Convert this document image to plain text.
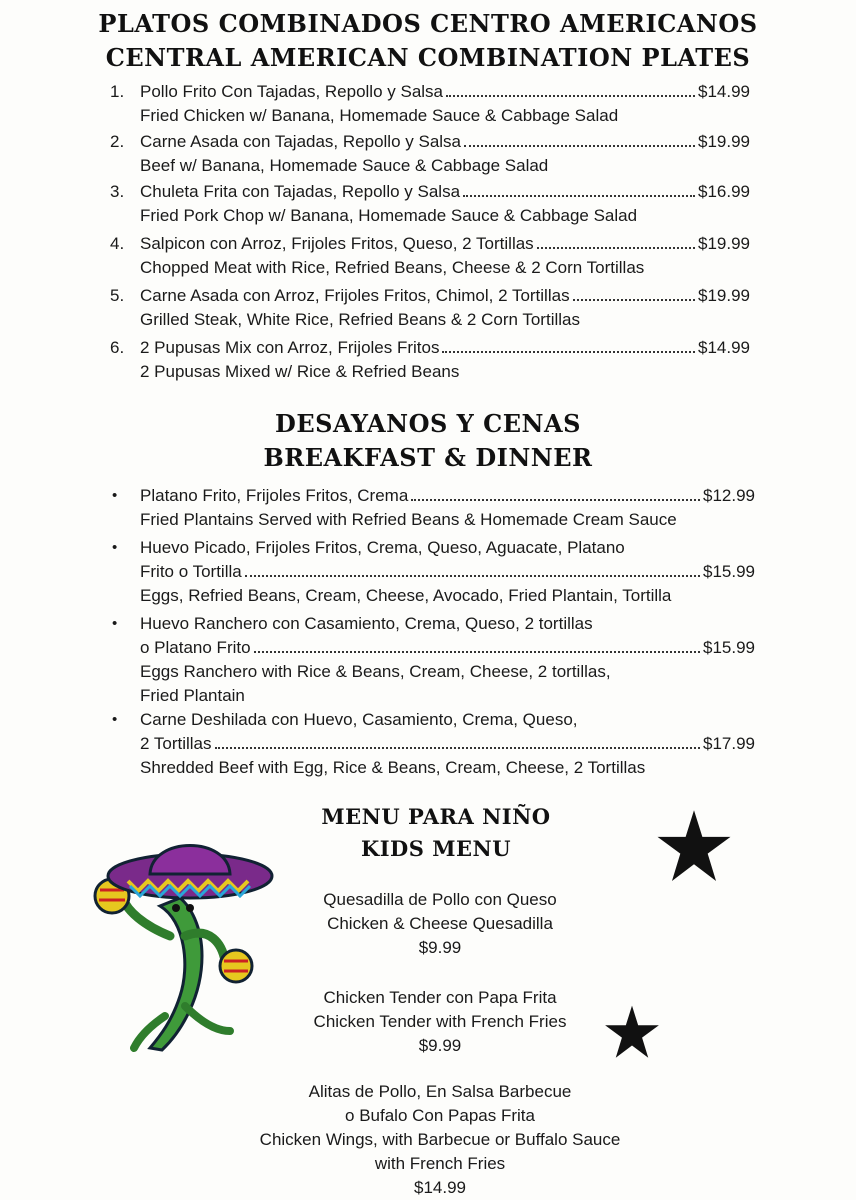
PLATOS COMBINADOS CENTRO AMERICANOS
CENTRAL AMERICAN COMBINATION PLATES
1. Pollo Frito Con Tajadas, Repollo y Salsa	$14.99
Fried Chicken w/ Banana, Homemade Sauce & Cabbage Salad
2. Carne Asada con Tajadas, Repollo y Salsa	$19.99
Beef w/ Banana, Homemade Sauce & Cabbage Salad
3. Chuleta Frita con Tajadas, Repollo y Salsa	$16.99
Fried Pork Chop w/ Banana, Homemade Sauce & Cabbage Salad
4. Salpicon con Arroz, Frijoles Fritos, Queso, 2 Tortillas	$19.99
Chopped Meat with Rice, Refried Beans, Cheese & 2 Corn Tortillas
5. Carne Asada con Arroz, Frijoles Fritos, Chimol, 2 Tortillas	$19.99
Grilled Steak, White Rice, Refried Beans & 2 Corn Tortillas
6. 2 Pupusas Mix con Arroz, Frijoles Fritos	$14.99
2 Pupusas Mixed w/ Rice & Refried Beans
DESAYANOS Y CENAS
BREAKFAST & DINNER
• Platano Frito, Frijoles Fritos, Crema	$12.99
Fried Plantains Served with Refried Beans & Homemade Cream Sauce
• Huevo Picado, Frijoles Fritos, Crema, Queso, Aguacate, Platano
Frito o Tortilla	$15.99
Eggs, Refried Beans, Cream, Cheese, Avocado, Fried Plantain, Tortilla
• Huevo Ranchero con Casamiento, Crema, Queso, 2 tortillas
o Platano Frito	$15.99
Eggs Ranchero with Rice & Beans, Cream, Cheese, 2 tortillas,
Fried Plantain
• Carne Deshilada con Huevo, Casamiento, Crema, Queso,
2 Tortillas	$17.99
Shredded Beef with Egg, Rice & Beans, Cream, Cheese, 2 Tortillas
MENU PARA NIÑO
KIDS MENU
Quesadilla de Pollo con Queso
Chicken & Cheese Quesadilla
$9.99
Chicken Tender con Papa Frita
Chicken Tender with French Fries
$9.99
Alitas de Pollo, En Salsa Barbecue
o Bufalo Con Papas Frita
Chicken Wings, with Barbecue or Buffalo Sauce
with French Fries
$14.99
